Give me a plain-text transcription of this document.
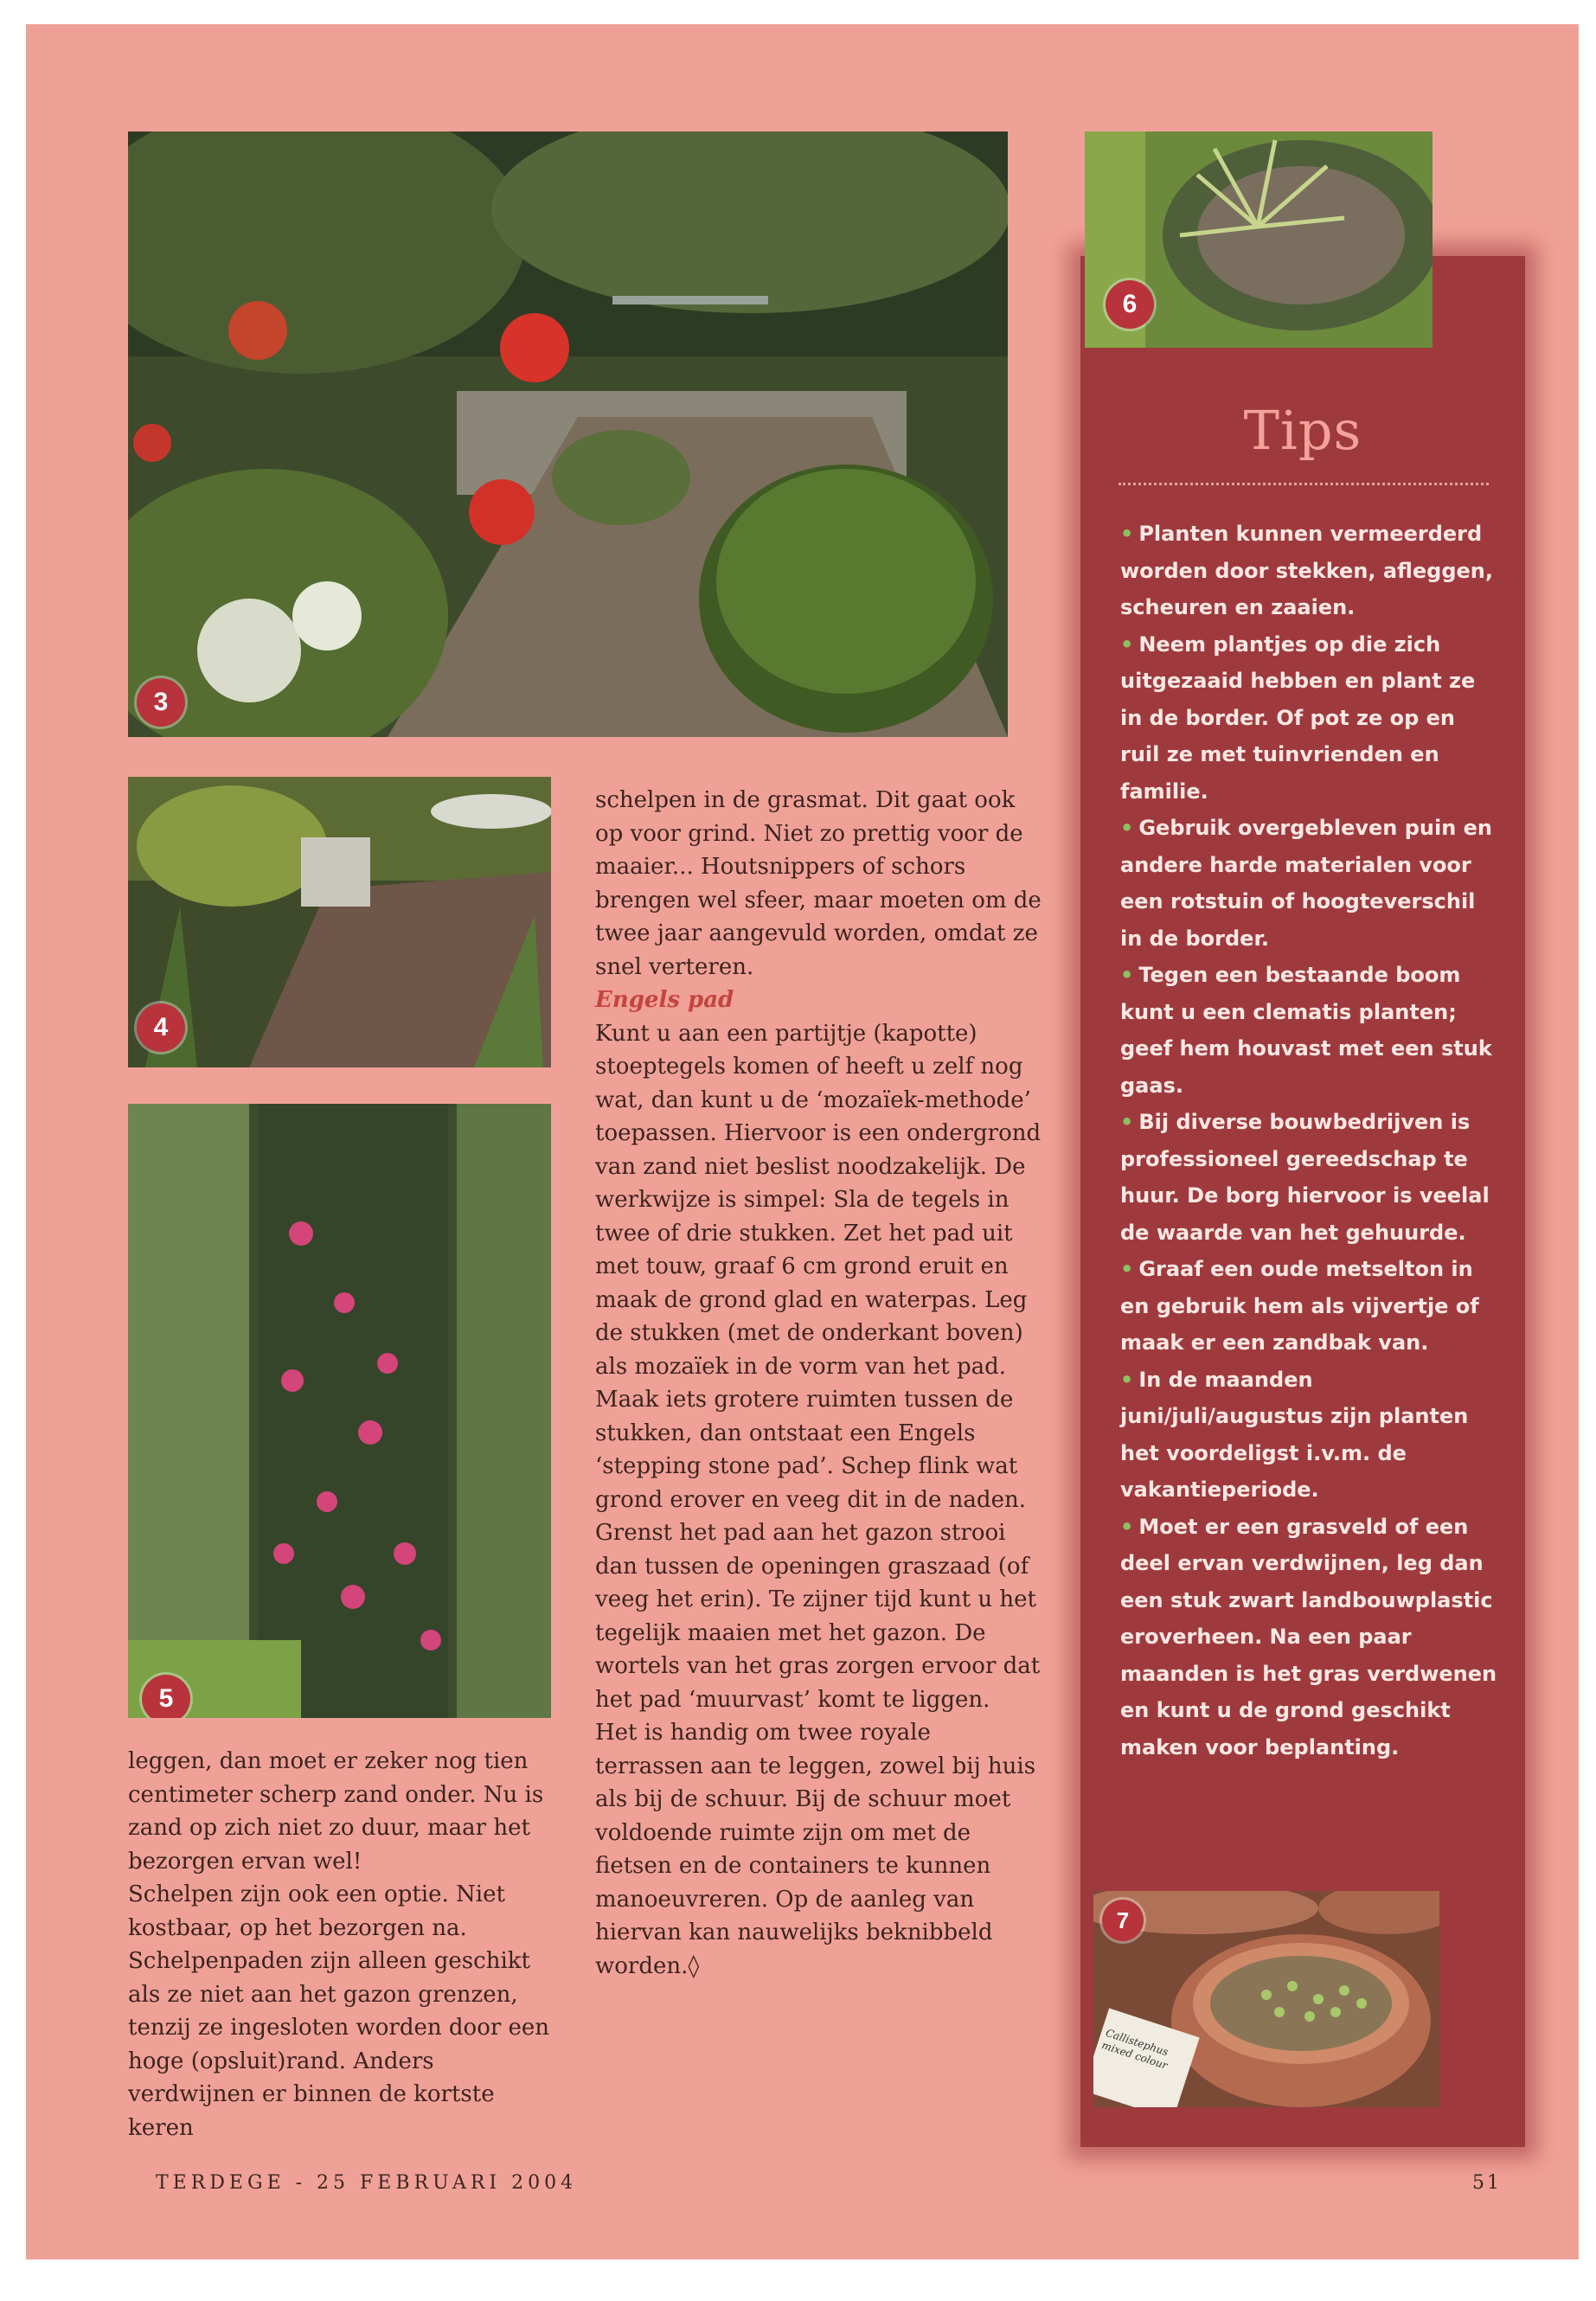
3
4
5

leggen, dan moet er zeker nog tien centimeter scherp zand onder. Nu is zand op zich niet zo duur, maar het bezorgen ervan wel!

Schelpen zijn ook een optie. Niet kostbaar, op het bezorgen na. Schelpenpaden zijn alleen geschikt als ze niet aan het gazon grenzen, tenzij ze ingesloten worden door een hoge (opsluit)rand. Anders verdwijnen er binnen de kortste keren

schelpen in de grasmat. Dit gaat ook op voor grind. Niet zo prettig voor de maaier... Houtsnippers of schors brengen wel sfeer, maar moeten om de twee jaar aangevuld worden, omdat ze snel verteren.

Engels pad

Kunt u aan een partijtje (kapotte) stoeptegels komen of heeft u zelf nog wat, dan kunt u de ‘mozaïek-methode’ toepassen. Hiervoor is een ondergrond van zand niet beslist noodzakelijk. De werkwijze is simpel: Sla de tegels in twee of drie stukken. Zet het pad uit met touw, graaf 6 cm grond eruit en maak de grond glad en waterpas. Leg de stukken (met de onderkant boven) als mozaïek in de vorm van het pad. Maak iets grotere ruimten tussen de stukken, dan ontstaat een Engels ‘stepping stone pad’. Schep flink wat grond erover en veeg dit in de naden. Grenst het pad aan het gazon strooi dan tussen de openingen graszaad (of veeg het erin). Te zijner tijd kunt u het tegelijk maaien met het gazon. De wortels van het gras zorgen ervoor dat het pad ‘muurvast’ komt te liggen.

Het is handig om twee royale terrassen aan te leggen, zowel bij huis als bij de schuur. Bij de schuur moet voldoende ruimte zijn om met de fietsen en de containers te kunnen manoeuvreren. Op de aanleg van hiervan kan nauwelijks beknibbeld worden.◊

Tips

• Planten kunnen vermeerderd worden door stekken, afleggen, scheuren en zaaien.

• Neem plantjes op die zich uitgezaaid hebben en plant ze in de border. Of pot ze op en ruil ze met tuinvrienden en familie.

• Gebruik overgebleven puin en andere harde materialen voor een rotstuin of hoogteverschil in de border.

• Tegen een bestaande boom kunt u een clematis planten; geef hem houvast met een stuk gaas.

• Bij diverse bouwbedrijven is professioneel gereedschap te huur. De borg hiervoor is veelal de waarde van het gehuurde.

• Graaf een oude metselton in en gebruik hem als vijvertje of maak er een zandbak van.

• In de maanden juni/juli/augustus zijn planten het voordeligst i.v.m. de vakantieperiode.

• Moet er een grasveld of een deel ervan verdwijnen, leg dan een stuk zwart landbouwplastic eroverheen. Na een paar maanden is het gras verdwenen en kunt u de grond geschikt maken voor beplanting.

6
Callistephus mixed colour
7
TERDEGE - 25 FEBRUARI 2004	51
